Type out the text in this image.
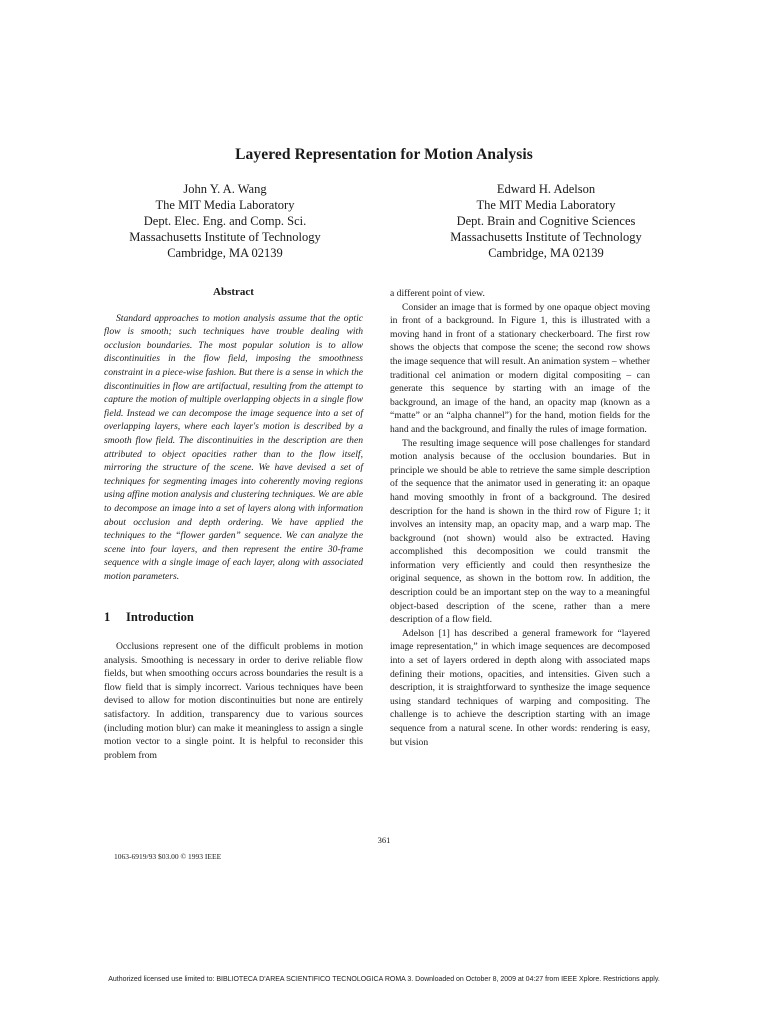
Layered Representation for Motion Analysis
John Y. A. Wang
The MIT Media Laboratory
Dept. Elec. Eng. and Comp. Sci.
Massachusetts Institute of Technology
Cambridge, MA 02139
Edward H. Adelson
The MIT Media Laboratory
Dept. Brain and Cognitive Sciences
Massachusetts Institute of Technology
Cambridge, MA 02139
Abstract

Standard approaches to motion analysis assume that the optic flow is smooth; such techniques have trouble dealing with occlusion boundaries. The most popular solution is to allow discontinuities in the flow field, imposing the smoothness constraint in a piece-wise fashion. But there is a sense in which the discontinuities in flow are artifactual, resulting from the attempt to capture the motion of multiple overlapping objects in a single flow field. Instead we can decompose the image sequence into a set of overlapping layers, where each layer's motion is described by a smooth flow field. The discontinuities in the description are then attributed to object opacities rather than to the flow itself, mirroring the structure of the scene. We have devised a set of techniques for segmenting images into coherently moving regions using affine motion analysis and clustering techniques. We are able to decompose an image into a set of layers along with information about occlusion and depth ordering. We have applied the techniques to the “flower garden” sequence. We can analyze the scene into four layers, and then represent the entire 30-frame sequence with a single image of each layer, along with associated motion parameters.

1 Introduction

Occlusions represent one of the difficult problems in motion analysis. Smoothing is necessary in order to derive reliable flow fields, but when smoothing occurs across boundaries the result is a flow field that is simply incorrect. Various techniques have been devised to allow for motion discontinuities but none are entirely satisfactory. In addition, transparency due to various sources (including motion blur) can make it meaningless to assign a single motion vector to a single point. It is helpful to reconsider this problem from

a different point of view.

Consider an image that is formed by one opaque object moving in front of a background. In Figure 1, this is illustrated with a moving hand in front of a stationary checkerboard. The first row shows the objects that compose the scene; the second row shows the image sequence that will result. An animation system – whether traditional cel animation or modern digital compositing – can generate this sequence by starting with an image of the background, an image of the hand, an opacity map (known as a “matte” or an “alpha channel”) for the hand, motion fields for the hand and the background, and finally the rules of image formation.

The resulting image sequence will pose challenges for standard motion analysis because of the occlusion boundaries. But in principle we should be able to retrieve the same simple description of the sequence that the animator used in generating it: an opaque hand moving smoothly in front of a background. The desired description for the hand is shown in the third row of Figure 1; it involves an intensity map, an opacity map, and a warp map. The background (not shown) would also be extracted. Having accomplished this decomposition we could transmit the information very efficiently and could then resynthesize the original sequence, as shown in the bottom row. In addition, the description could be an important step on the way to a meaningful object-based description of the scene, rather than a mere description of a flow field.

Adelson [1] has described a general framework for “layered image representation,” in which image sequences are decomposed into a set of layers ordered in depth along with associated maps defining their motions, opacities, and intensities. Given such a description, it is straightforward to synthesize the image sequence using standard techniques of warping and compositing. The challenge is to achieve the description starting with an image sequence from a natural scene. In other words: rendering is easy, but vision

361
1063-6919/93 $03.00 © 1993 IEEE
Authorized licensed use limited to: BIBLIOTECA D'AREA SCIENTIFICO TECNOLOGICA ROMA 3. Downloaded on October 8, 2009 at 04:27 from IEEE Xplore. Restrictions apply.
